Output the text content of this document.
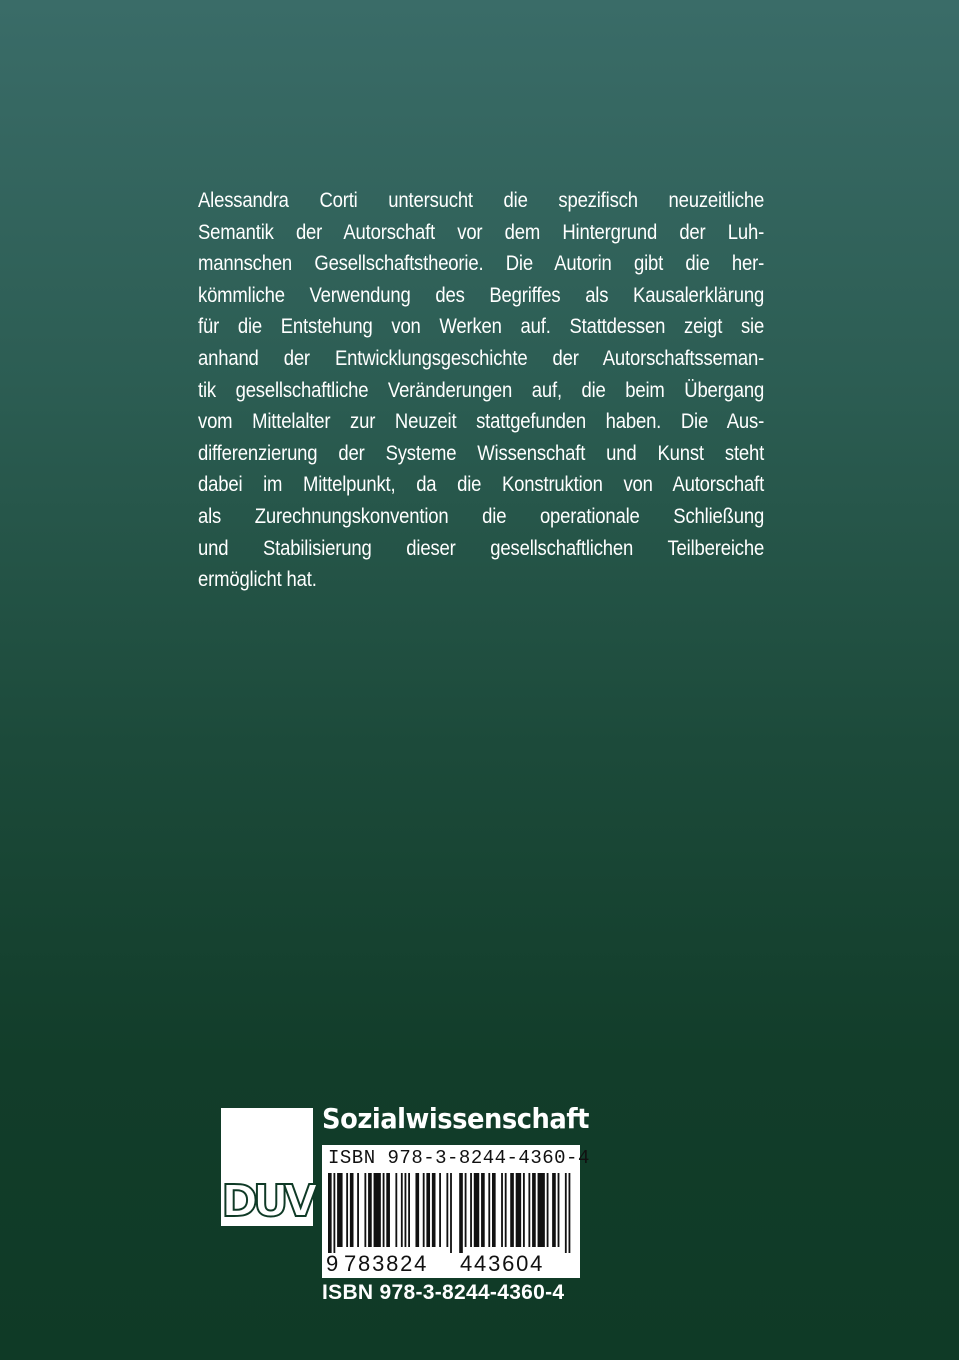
Alessandra Corti untersucht die spezifisch neuzeitliche
Semantik der Autorschaft vor dem Hintergrund der Luh-
mannschen Gesellschaftstheorie. Die Autorin gibt die her-
kömmliche Verwendung des Begriffes als Kausalerklärung
für die Entstehung von Werken auf. Stattdessen zeigt sie
anhand der Entwicklungsgeschichte der Autorschaftsseman-
tik gesellschaftliche Veränderungen auf, die beim Übergang
vom Mittelalter zur Neuzeit stattgefunden haben. Die Aus-
differenzierung der Systeme Wissenschaft und Kunst steht
dabei im Mittelpunkt, da die Konstruktion von Autorschaft
als Zurechnungskonvention die operationale Schließung
und Stabilisierung dieser gesellschaftlichen Teilbereiche
ermöglicht hat.
DUV
Sozialwissenschaft
ISBN 978-3-8244-4360-4
9 783824 443604
ISBN 978-3-8244-4360-4
